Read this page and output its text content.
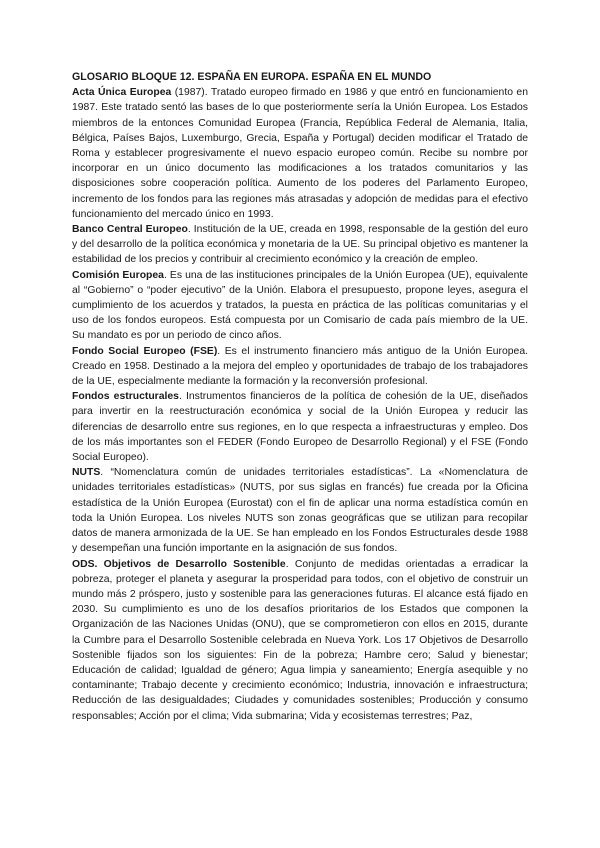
GLOSARIO BLOQUE 12. ESPAÑA EN EUROPA. ESPAÑA EN EL MUNDO

Acta Única Europea (1987). Tratado europeo firmado en 1986 y que entró en funcionamiento en 1987. Este tratado sentó las bases de lo que posteriormente sería la Unión Europea. Los Estados miembros de la entonces Comunidad Europea (Francia, República Federal de Alemania, Italia, Bélgica, Países Bajos, Luxemburgo, Grecia, España y Portugal) deciden modificar el Tratado de Roma y establecer progresivamente el nuevo espacio europeo común. Recibe su nombre por incorporar en un único documento las modificaciones a los tratados comunitarios y las disposiciones sobre cooperación política. Aumento de los poderes del Parlamento Europeo, incremento de los fondos para las regiones más atrasadas y adopción de medidas para el efectivo funcionamiento del mercado único en 1993.

Banco Central Europeo. Institución de la UE, creada en 1998, responsable de la gestión del euro y del desarrollo de la política económica y monetaria de la UE. Su principal objetivo es mantener la estabilidad de los precios y contribuir al crecimiento económico y la creación de empleo.

Comisión Europea. Es una de las instituciones principales de la Unión Europea (UE), equivalente al “Gobierno” o “poder ejecutivo” de la Unión. Elabora el presupuesto, propone leyes, asegura el cumplimiento de los acuerdos y tratados, la puesta en práctica de las políticas comunitarias y el uso de los fondos europeos. Está compuesta por un Comisario de cada país miembro de la UE. Su mandato es por un periodo de cinco años.

Fondo Social Europeo (FSE). Es el instrumento financiero más antiguo de la Unión Europea. Creado en 1958. Destinado a la mejora del empleo y oportunidades de trabajo de los trabajadores de la UE, especialmente mediante la formación y la reconversión profesional.

Fondos estructurales. Instrumentos financieros de la política de cohesión de la UE, diseñados para invertir en la reestructuración económica y social de la Unión Europea y reducir las diferencias de desarrollo entre sus regiones, en lo que respecta a infraestructuras y empleo. Dos de los más importantes son el FEDER (Fondo Europeo de Desarrollo Regional) y el FSE (Fondo Social Europeo).

NUTS. “Nomenclatura común de unidades territoriales estadísticas”. La «Nomenclatura de unidades territoriales estadísticas» (NUTS, por sus siglas en francés) fue creada por la Oficina estadística de la Unión Europea (Eurostat) con el fin de aplicar una norma estadística común en toda la Unión Europea. Los niveles NUTS son zonas geográficas que se utilizan para recopilar datos de manera armonizada de la UE. Se han empleado en los Fondos Estructurales desde 1988 y desempeñan una función importante en la asignación de sus fondos.

ODS. Objetivos de Desarrollo Sostenible. Conjunto de medidas orientadas a erradicar la pobreza, proteger el planeta y asegurar la prosperidad para todos, con el objetivo de construir un mundo más 2 próspero, justo y sostenible para las generaciones futuras. El alcance está fijado en 2030. Su cumplimiento es uno de los desafíos prioritarios de los Estados que componen la Organización de las Naciones Unidas (ONU), que se comprometieron con ellos en 2015, durante la Cumbre para el Desarrollo Sostenible celebrada en Nueva York. Los 17 Objetivos de Desarrollo Sostenible fijados son los siguientes: Fin de la pobreza; Hambre cero; Salud y bienestar; Educación de calidad; Igualdad de género; Agua limpia y saneamiento; Energía asequible y no contaminante; Trabajo decente y crecimiento económico; Industria, innovación e infraestructura; Reducción de las desigualdades; Ciudades y comunidades sostenibles; Producción y consumo responsables; Acción por el clima; Vida submarina; Vida y ecosistemas terrestres; Paz,
